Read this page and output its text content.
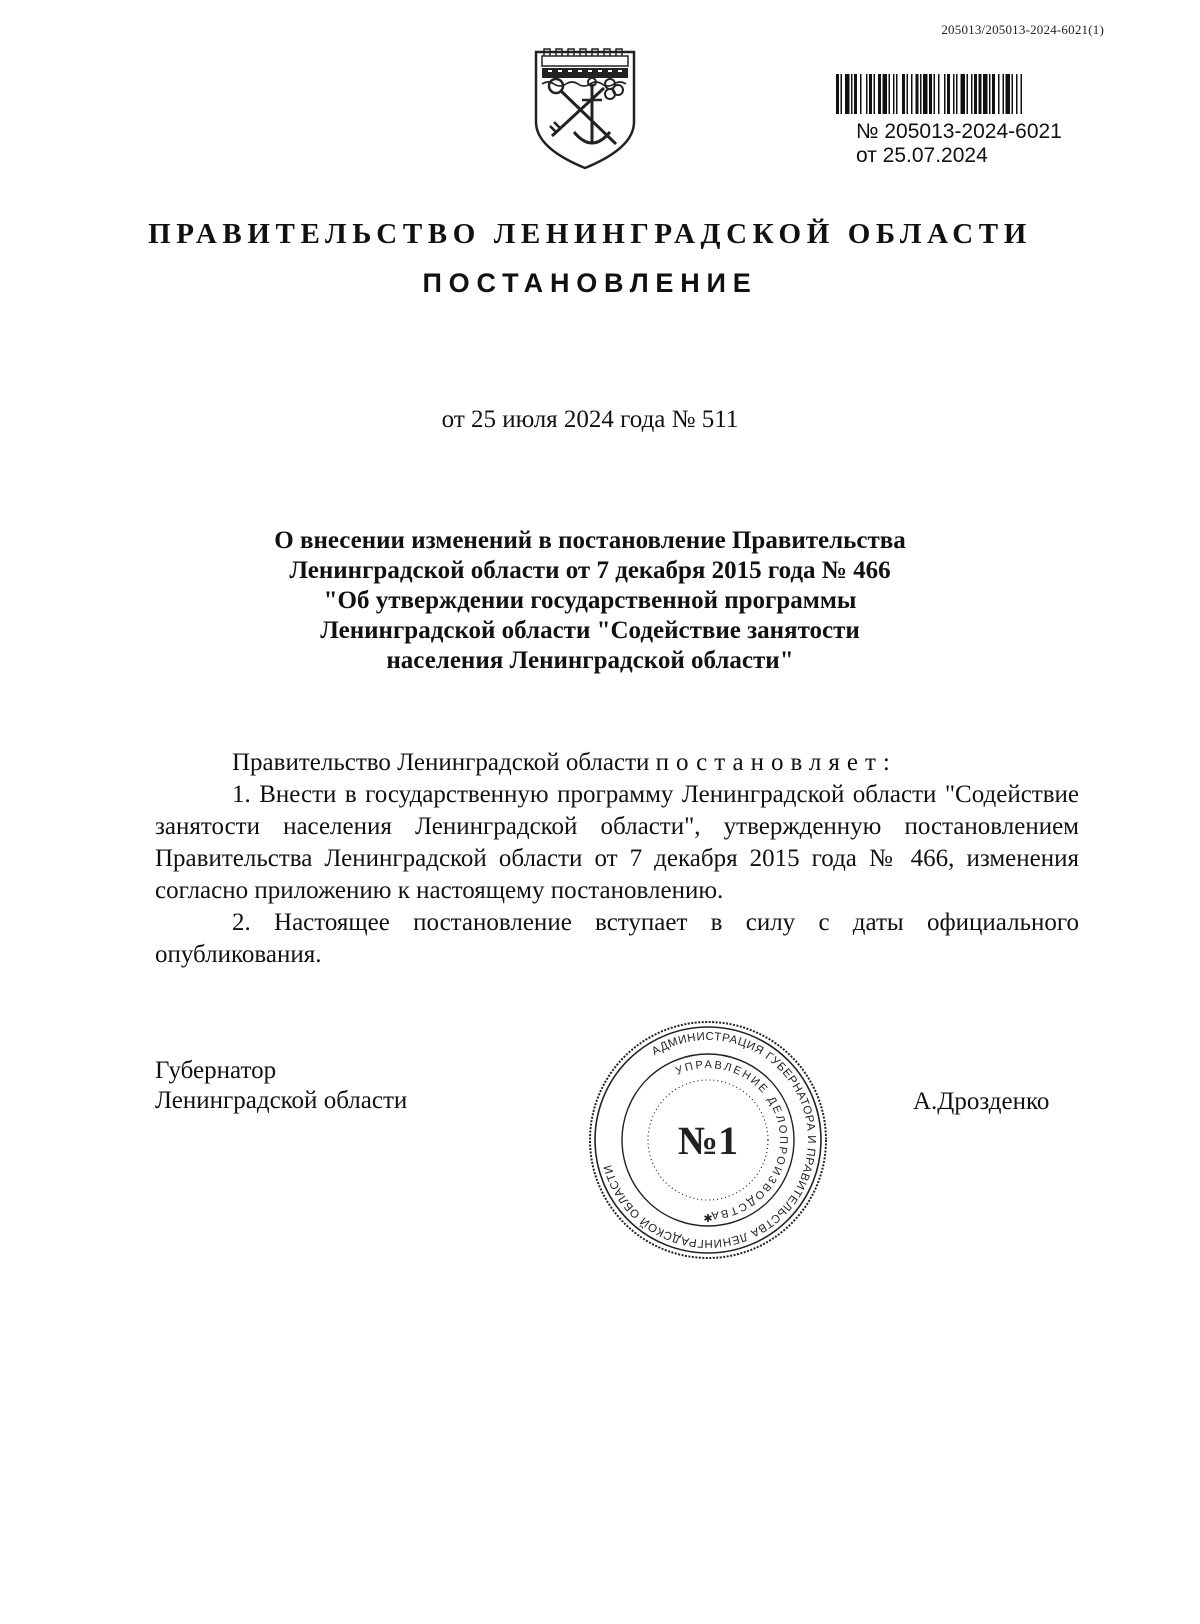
205013/205013-2024-6021(1)
№ 205013-2024-6021
от 25.07.2024
ПРАВИТЕЛЬСТВО ЛЕНИНГРАДСКОЙ ОБЛАСТИ
ПОСТАНОВЛЕНИЕ
от 25 июля 2024 года № 511
О внесении изменений в постановление Правительства
Ленинградской области от 7 декабря 2015 года № 466
"Об утверждении государственной программы
Ленинградской области "Содействие занятости
населения Ленинградской области"

Правительство Ленинградской области постановляет:

1. Внести в государственную программу Ленинградской области "Содействие занятости населения Ленинградской области", утвержденную постановлением Правительства Ленинградской области от 7 декабря 2015 года № 466, изменения согласно приложению к настоящему постановлению.

2. Настоящее постановление вступает в силу с даты официального опубликования.

Губернатор
Ленинградской области	А.Дрозденко
АДМИНИСТРАЦИЯ ГУБЕРНАТОРА И ПРАВИТЕЛЬСТВА ЛЕНИНГРАДСКОЙ ОБЛАСТИ
УПРАВЛЕНИЕ ДЕЛОПРОИЗВОДСТВА
№1
✱
